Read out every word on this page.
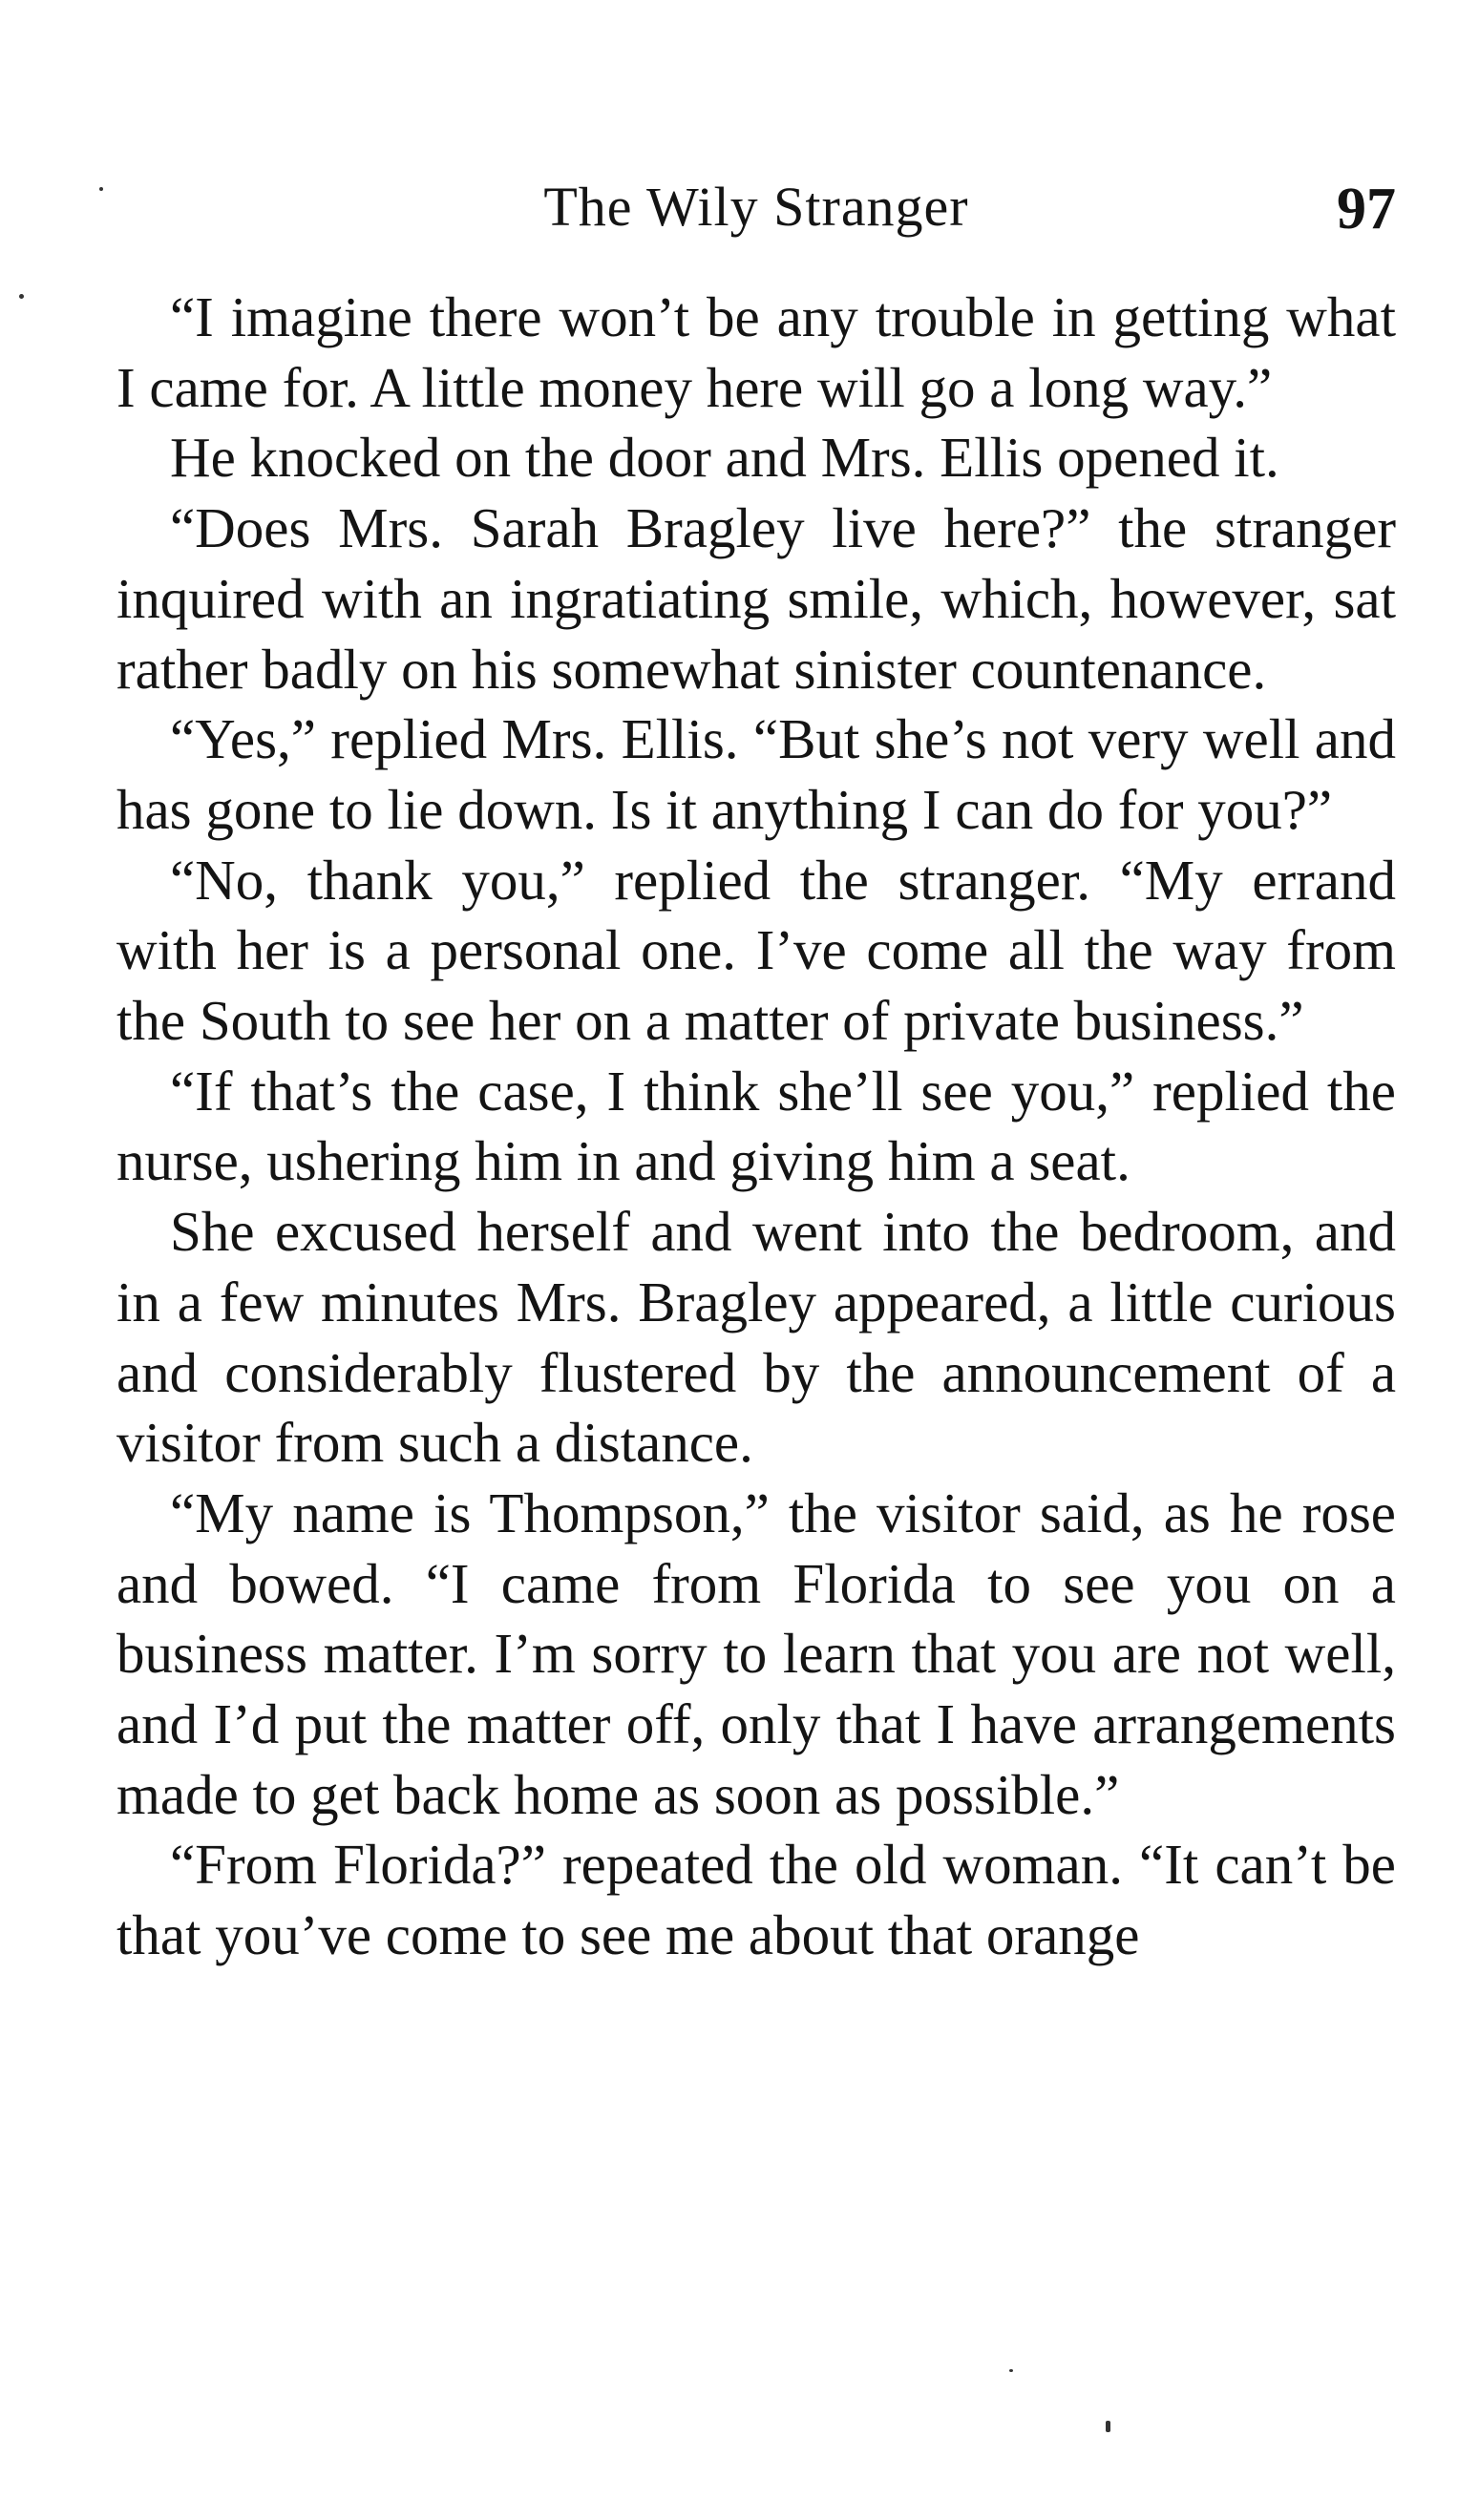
The Wily Stranger	97

“I imagine there won’t be any trouble in getting what I came for. A little money here will go a long way.”

He knocked on the door and Mrs. Ellis opened it.

“Does Mrs. Sarah Bragley live here?” the stranger inquired with an ingratiating smile, which, however, sat rather badly on his somewhat sinister countenance.

“Yes,” replied Mrs. Ellis. “But she’s not very well and has gone to lie down. Is it anything I can do for you?”

“No, thank you,” replied the stranger. “My errand with her is a personal one. I’ve come all the way from the South to see her on a matter of private business.”

“If that’s the case, I think she’ll see you,” replied the nurse, ushering him in and giving him a seat.

She excused herself and went into the bedroom, and in a few minutes Mrs. Bragley appeared, a little curious and considerably flustered by the announcement of a visitor from such a distance.

“My name is Thompson,” the visitor said, as he rose and bowed. “I came from Florida to see you on a business matter. I’m sorry to learn that you are not well, and I’d put the matter off, only that I have arrangements made to get back home as soon as possible.”

“From Florida?” repeated the old woman. “It can’t be that you’ve come to see me about that orange
